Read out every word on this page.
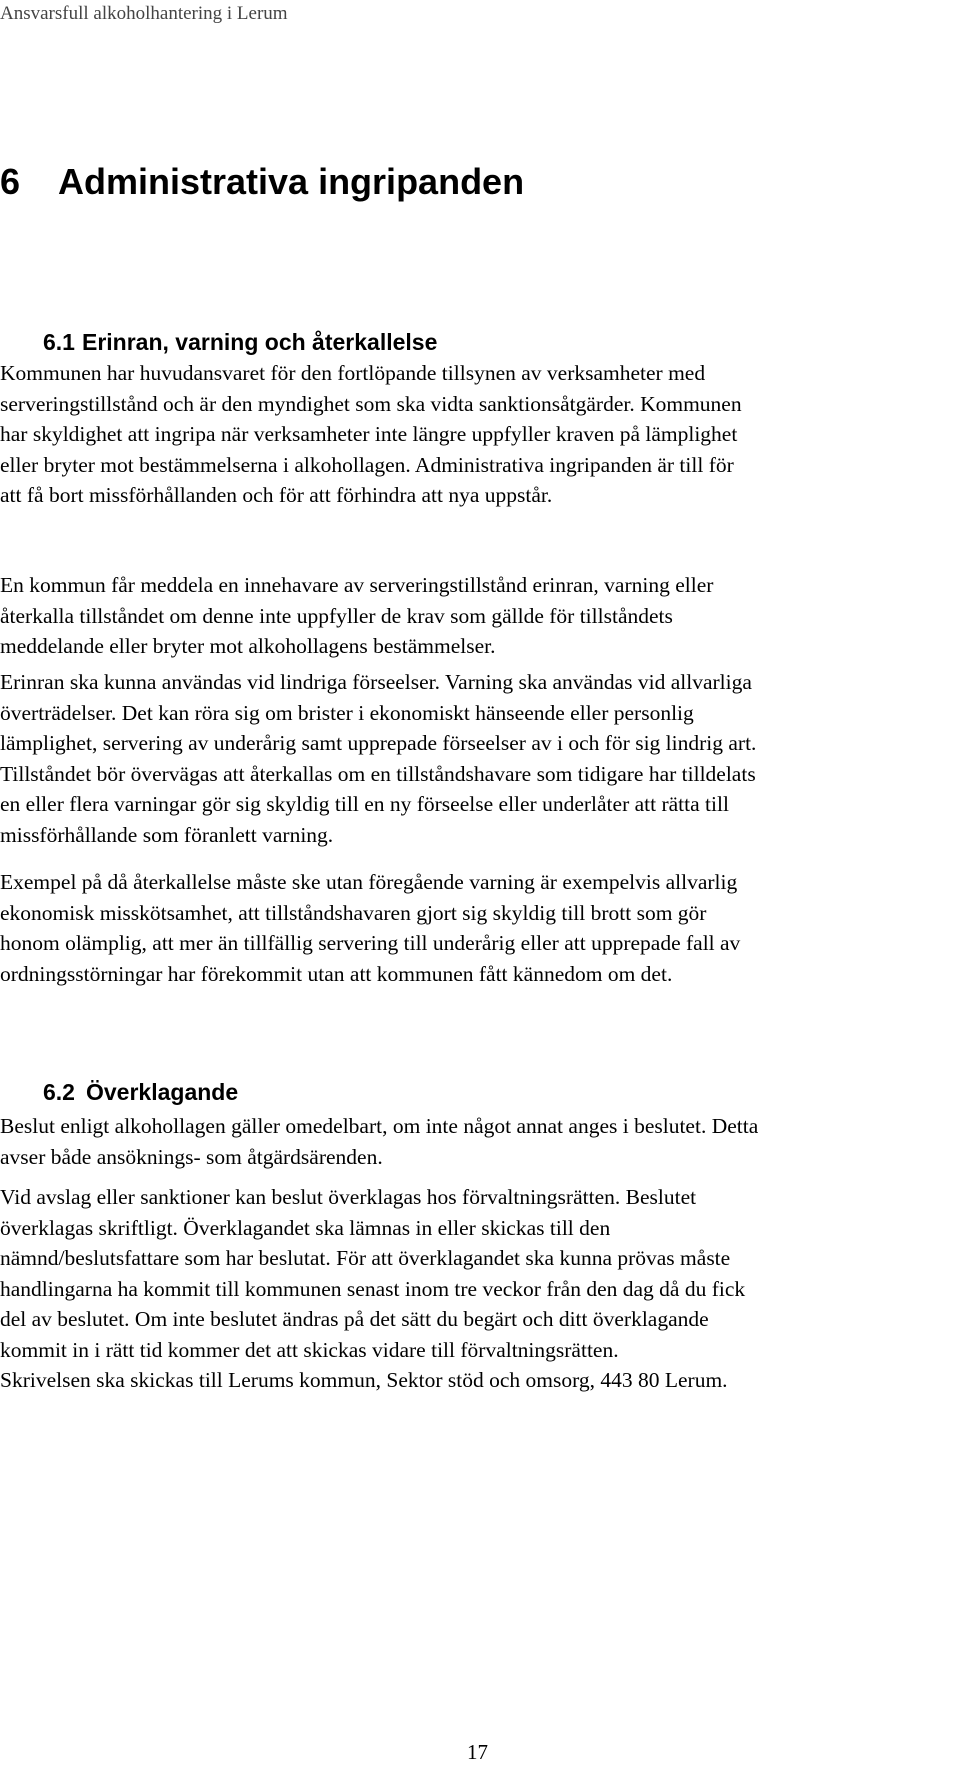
Ansvarsfull alkoholhantering i Lerum
6 Administrativa ingripanden
6.1 Erinran, varning och återkallelse

Kommunen har huvudansvaret för den fortlöpande tillsynen av verksamheter med
serveringstillstånd och är den myndighet som ska vidta sanktionsåtgärder. Kommunen
har skyldighet att ingripa när verksamheter inte längre uppfyller kraven på lämplighet
eller bryter mot bestämmelserna i alkohollagen. Administrativa ingripanden är till för
att få bort missförhållanden och för att förhindra att nya uppstår.

En kommun får meddela en innehavare av serveringstillstånd erinran, varning eller
återkalla tillståndet om denne inte uppfyller de krav som gällde för tillståndets
meddelande eller bryter mot alkohollagens bestämmelser.

Erinran ska kunna användas vid lindriga förseelser. Varning ska användas vid allvarliga
överträdelser. Det kan röra sig om brister i ekonomiskt hänseende eller personlig
lämplighet, servering av underårig samt upprepade förseelser av i och för sig lindrig art.
Tillståndet bör övervägas att återkallas om en tillståndshavare som tidigare har tilldelats
en eller flera varningar gör sig skyldig till en ny förseelse eller underlåter att rätta till
missförhållande som föranlett varning.

Exempel på då återkallelse måste ske utan föregående varning är exempelvis allvarlig
ekonomisk misskötsamhet, att tillståndshavaren gjort sig skyldig till brott som gör
honom olämplig, att mer än tillfällig servering till underårig eller att upprepade fall av
ordningsstörningar har förekommit utan att kommunen fått kännedom om det.

6.2 Överklagande

Beslut enligt alkohollagen gäller omedelbart, om inte något annat anges i beslutet. Detta
avser både ansöknings- som åtgärdsärenden.

Vid avslag eller sanktioner kan beslut överklagas hos förvaltningsrätten. Beslutet
överklagas skriftligt. Överklagandet ska lämnas in eller skickas till den
nämnd/beslutsfattare som har beslutat. För att överklagandet ska kunna prövas måste
handlingarna ha kommit till kommunen senast inom tre veckor från den dag då du fick
del av beslutet. Om inte beslutet ändras på det sätt du begärt och ditt överklagande
kommit in i rätt tid kommer det att skickas vidare till förvaltningsrätten.
Skrivelsen ska skickas till Lerums kommun, Sektor stöd och omsorg, 443 80 Lerum.

17
